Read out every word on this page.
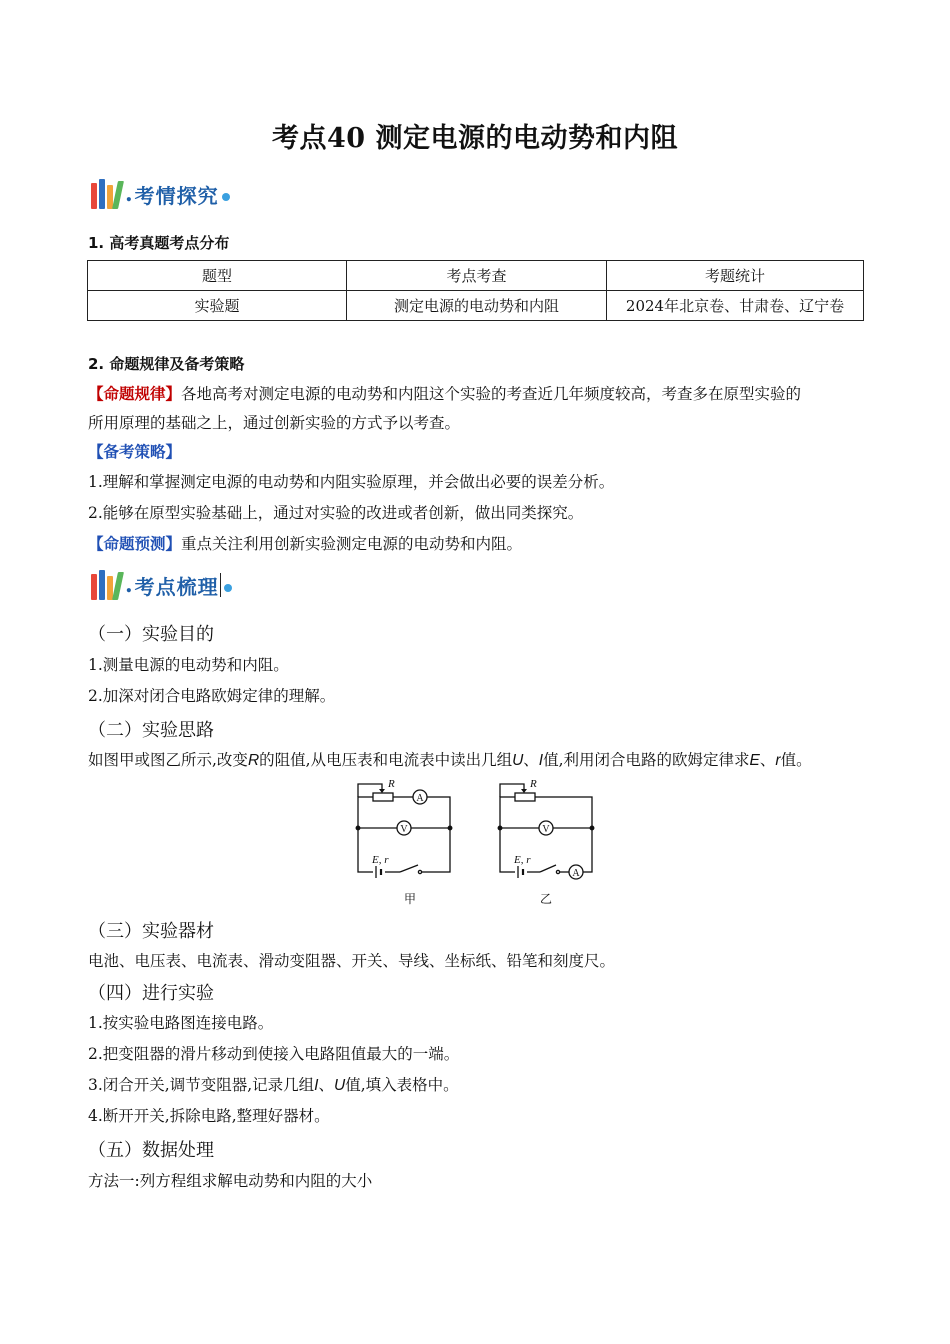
考点40 测定电源的电动势和内阻
. 考情探究
1. 高考真题考点分布
题型	考点考查	考题统计
实验题	测定电源的电动势和内阻	2024年北京卷、甘肃卷、辽宁卷
2. 命题规律及备考策略
【命题规律】各地高考对测定电源的电动势和内阻这个实验的考查近几年频度较高，考查多在原型实验的
所用原理的基础之上，通过创新实验的方式予以考查。
【备考策略】
1.理解和掌握测定电源的电动势和内阻实验原理，并会做出必要的误差分析。
2.能够在原型实验基础上，通过对实验的改进或者创新，做出同类探究。
【命题预测】重点关注利用创新实验测定电源的电动势和内阻。
. 考点梳理
（一）实验目的
1.测量电源的电动势和内阻。
2.加深对闭合电路欧姆定律的理解。
（二）实验思路
如图甲或图乙所示,改变R的阻值,从电压表和电流表中读出几组U、I值,利用闭合电路的欧姆定律求E、r值。
R
A
V
E, r
甲
R
V
E, r
A
乙
（三）实验器材
电池、电压表、电流表、滑动变阻器、开关、导线、坐标纸、铅笔和刻度尺。
（四）进行实验
1.按实验电路图连接电路。
2.把变阻器的滑片移动到使接入电路阻值最大的一端。
3.闭合开关,调节变阻器,记录几组I、U值,填入表格中。
4.断开开关,拆除电路,整理好器材。
（五）数据处理
方法一:列方程组求解电动势和内阻的大小
